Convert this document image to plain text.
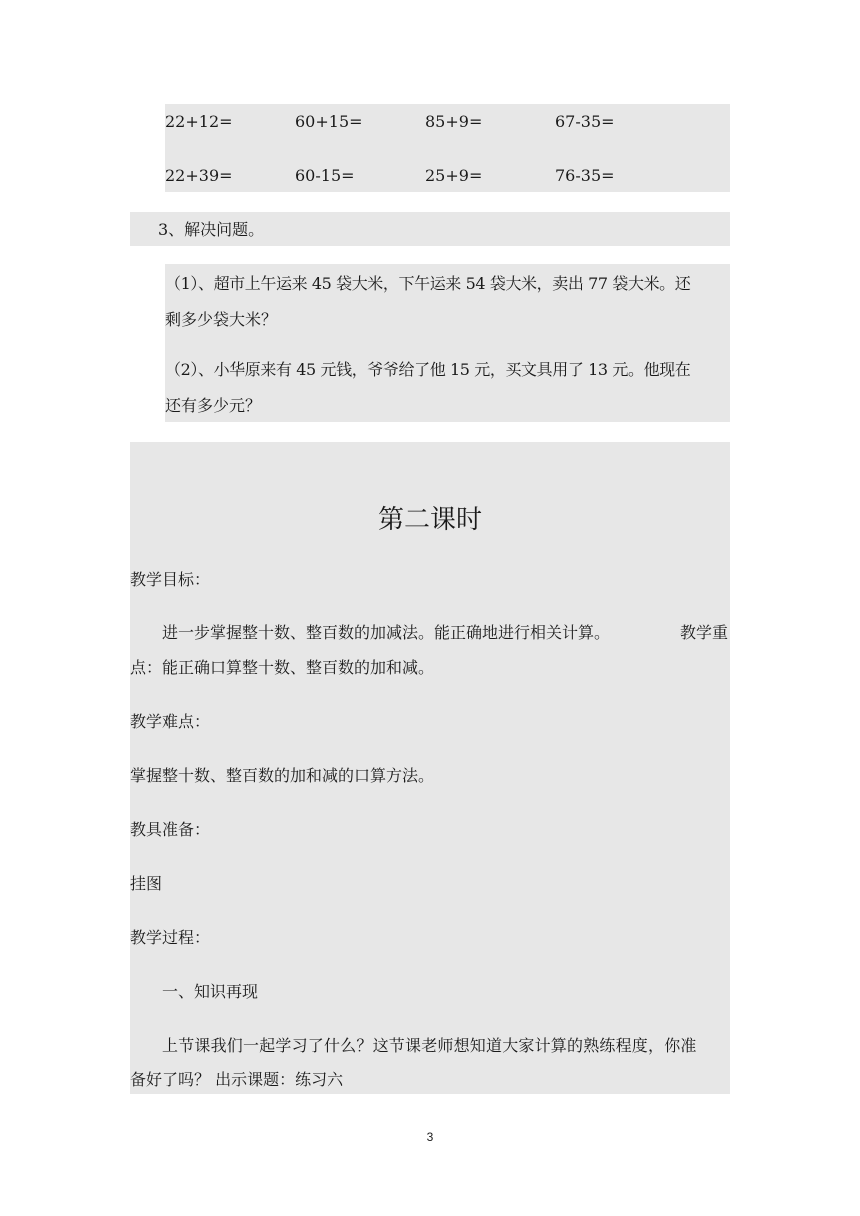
22+12=	60+15=	85+9=	67-35=
22+39=	60-15=	25+9=	76-35=
3、解决问题。
（1）、超市上午运来 45 袋大米，下午运来 54 袋大米，卖出 77 袋大米。还
剩多少袋大米？
（2）、小华原来有 45 元钱，爷爷给了他 15 元，买文具用了 13 元。他现在
还有多少元？
第二课时
教学目标：
进一步掌握整十数、整百数的加减法。能正确地进行相关计算。	教学重
点：能正确口算整十数、整百数的加和减。
教学难点：
掌握整十数、整百数的加和减的口算方法。
教具准备：
挂图
教学过程：
一、知识再现
上节课我们一起学习了什么？这节课老师想知道大家计算的熟练程度，你准
备好了吗？ 出示课题：练习六
3
